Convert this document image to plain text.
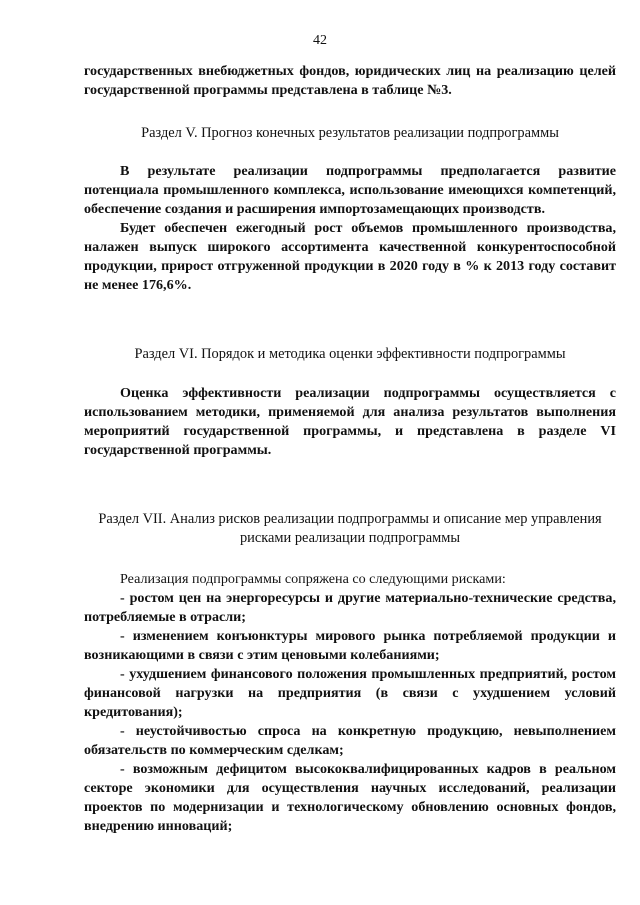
42

государственных внебюджетных фондов, юридических лиц на реализацию целей государственной программы представлена в таблице №3.

Раздел V. Прогноз конечных результатов реализации подпрограммы

В результате реализации подпрограммы предполагается развитие потенциала промышленного комплекса, использование имеющихся компетенций, обеспечение создания и расширения импортозамещающих производств.

Будет обеспечен ежегодный рост объемов промышленного производства, налажен выпуск широкого ассортимента качественной конкурентоспособной продукции, прирост отгруженной продукции в 2020 году в % к 2013 году составит не менее 176,6%.

Раздел VI. Порядок и методика оценки эффективности подпрограммы

Оценка эффективности реализации подпрограммы осуществляется с использованием методики, применяемой для анализа результатов выполнения мероприятий государственной программы, и представлена в разделе VI государственной программы.

Раздел VII. Анализ рисков реализации подпрограммы и описание мер управления
рисками реализации подпрограммы

Реализация подпрограммы сопряжена со следующими рисками:

- ростом цен на энергоресурсы и другие материально-технические средства, потребляемые в отрасли;

- изменением конъюнктуры мирового рынка потребляемой продукции и возникающими в связи с этим ценовыми колебаниями;

- ухудшением финансового положения промышленных предприятий, ростом финансовой нагрузки на предприятия (в связи с ухудшением условий кредитования);

- неустойчивостью спроса на конкретную продукцию, невыполнением обязательств по коммерческим сделкам;

- возможным дефицитом высококвалифицированных кадров в реальном секторе экономики для осуществления научных исследований, реализации проектов по модернизации и технологическому обновлению основных фондов, внедрению инноваций;
